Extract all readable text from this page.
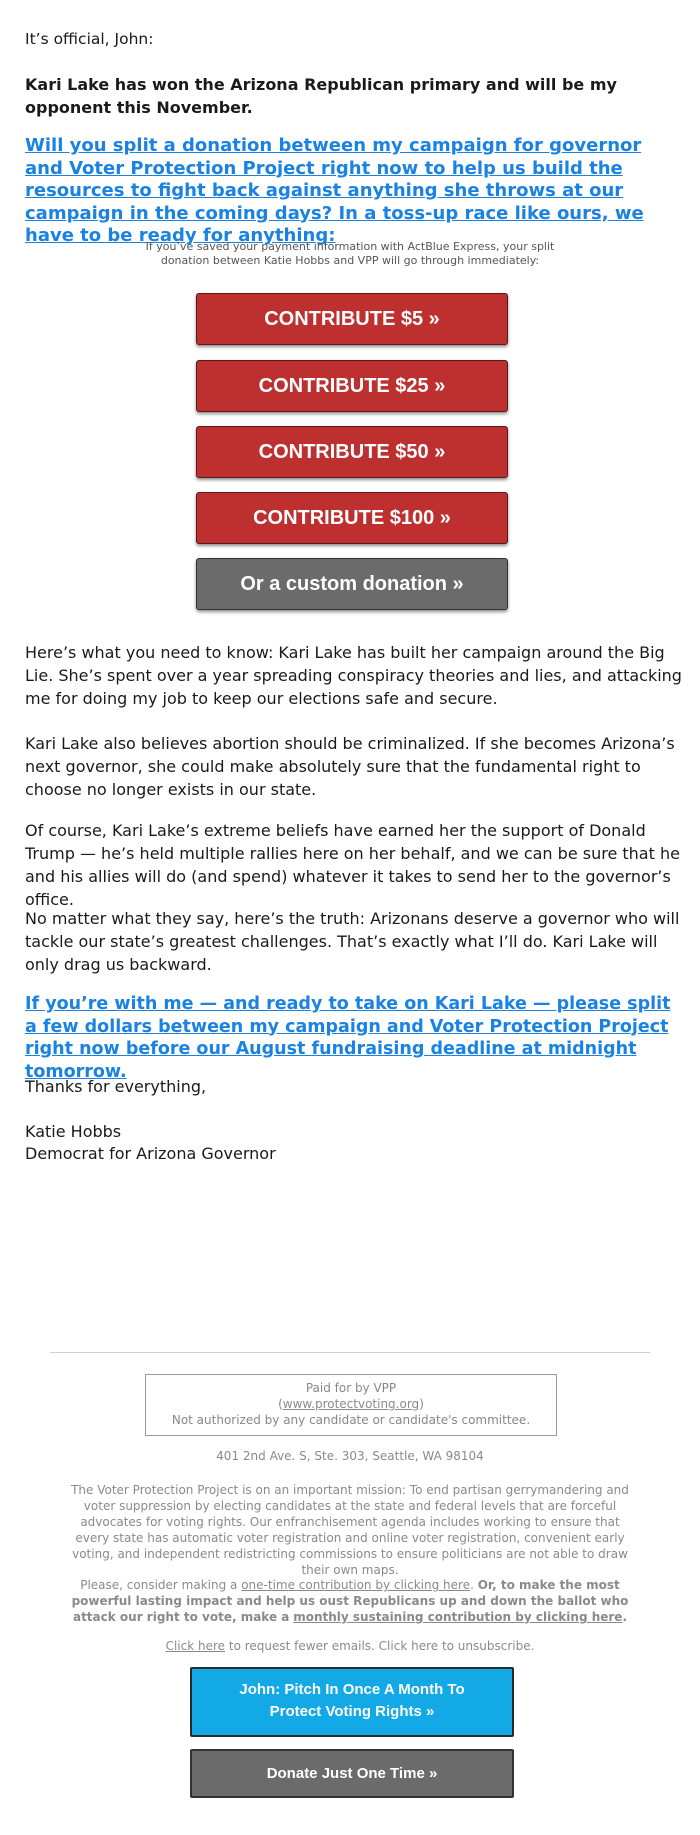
It’s official, John:

Kari Lake has won the Arizona Republican primary and will be my opponent this November.

Will you split a donation between my campaign for governor and Voter Protection Project right now to help us build the resources to fight back against anything she throws at our campaign in the coming days? In a toss-up race like ours, we have to be ready for anything:

If you’ve saved your payment information with ActBlue Express, your split donation between Katie Hobbs and VPP will go through immediately:
CONTRIBUTE $5 »
CONTRIBUTE $25 »
CONTRIBUTE $50 »
CONTRIBUTE $100 »
Or a custom donation »

Here’s what you need to know: Kari Lake has built her campaign around the Big Lie. She’s spent over a year spreading conspiracy theories and lies, and attacking me for doing my job to keep our elections safe and secure.

Kari Lake also believes abortion should be criminalized. If she becomes Arizona’s next governor, she could make absolutely sure that the fundamental right to choose no longer exists in our state.

Of course, Kari Lake’s extreme beliefs have earned her the support of Donald Trump — he’s held multiple rallies here on her behalf, and we can be sure that he and his allies will do (and spend) whatever it takes to send her to the governor’s office.

No matter what they say, here’s the truth: Arizonans deserve a governor who will tackle our state’s greatest challenges. That’s exactly what I’ll do. Kari Lake will only drag us backward.

If you’re with me — and ready to take on Kari Lake — please split a few dollars between my campaign and Voter Protection Project right now before our August fundraising deadline at midnight tomorrow.

Thanks for everything,

Katie Hobbs

Democrat for Arizona Governor

Paid for by VPP
(www.protectvoting.org)
Not authorized by any candidate or candidate's committee.

401 2nd Ave. S, Ste. 303, Seattle, WA 98104

The Voter Protection Project is on an important mission: To end partisan gerrymandering and voter suppression by electing candidates at the state and federal levels that are forceful advocates for voting rights. Our enfranchisement agenda includes working to ensure that every state has automatic voter registration and online voter registration, convenient early voting, and independent redistricting commissions to ensure politicians are not able to draw their own maps.

Please, consider making a one-time contribution by clicking here. Or, to make the most powerful lasting impact and help us oust Republicans up and down the ballot who attack our right to vote, make a monthly sustaining contribution by clicking here.

Click here to request fewer emails. Click here to unsubscribe.

John: Pitch In Once A Month To Protect Voting Rights »
Donate Just One Time »
